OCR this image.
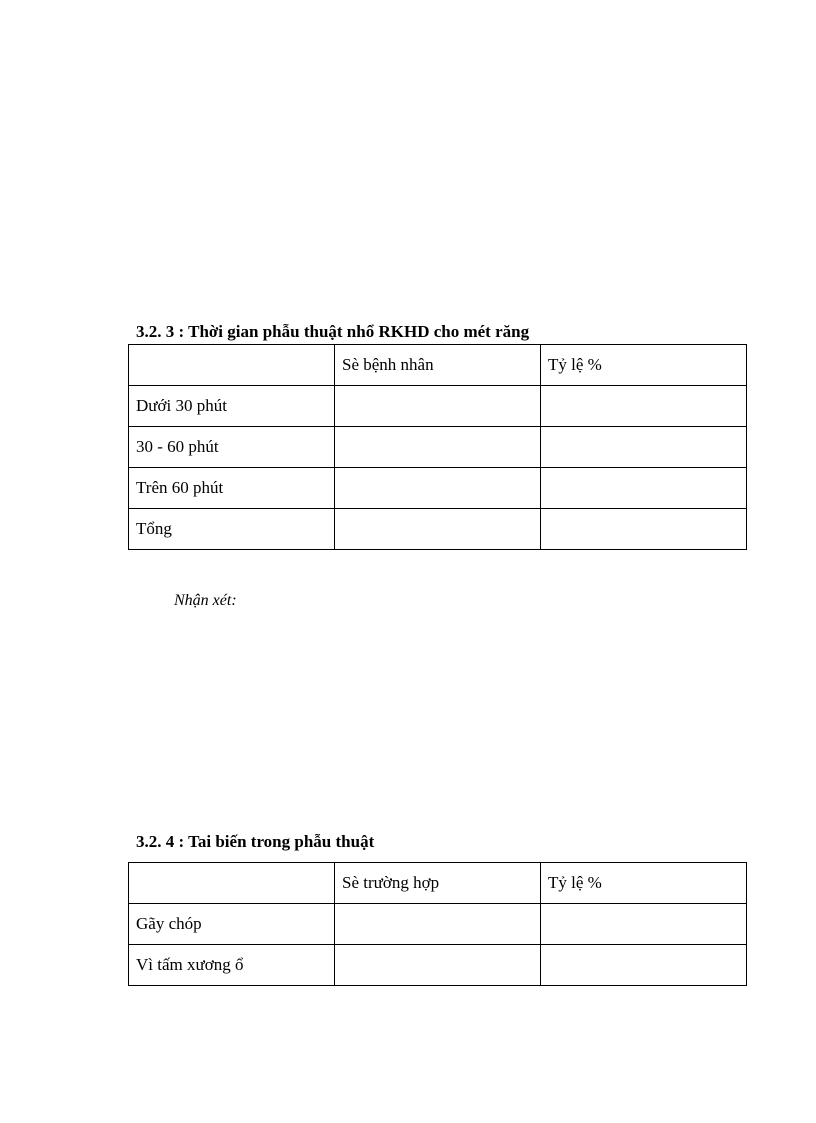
3.2. 3 : Thời gian phẫu thuật nhổ RKHD cho mét răng
	Sè bệnh nhân	Tỷ lệ %
Dưới 30 phút		
30 - 60 phút		
Trên 60 phút		
Tổng		

Nhận xét:

3.2. 4 : Tai biến trong phẫu thuật
	Sè trường hợp	Tỷ lệ %
Gãy chóp		
Vì tấm xương ổ		
